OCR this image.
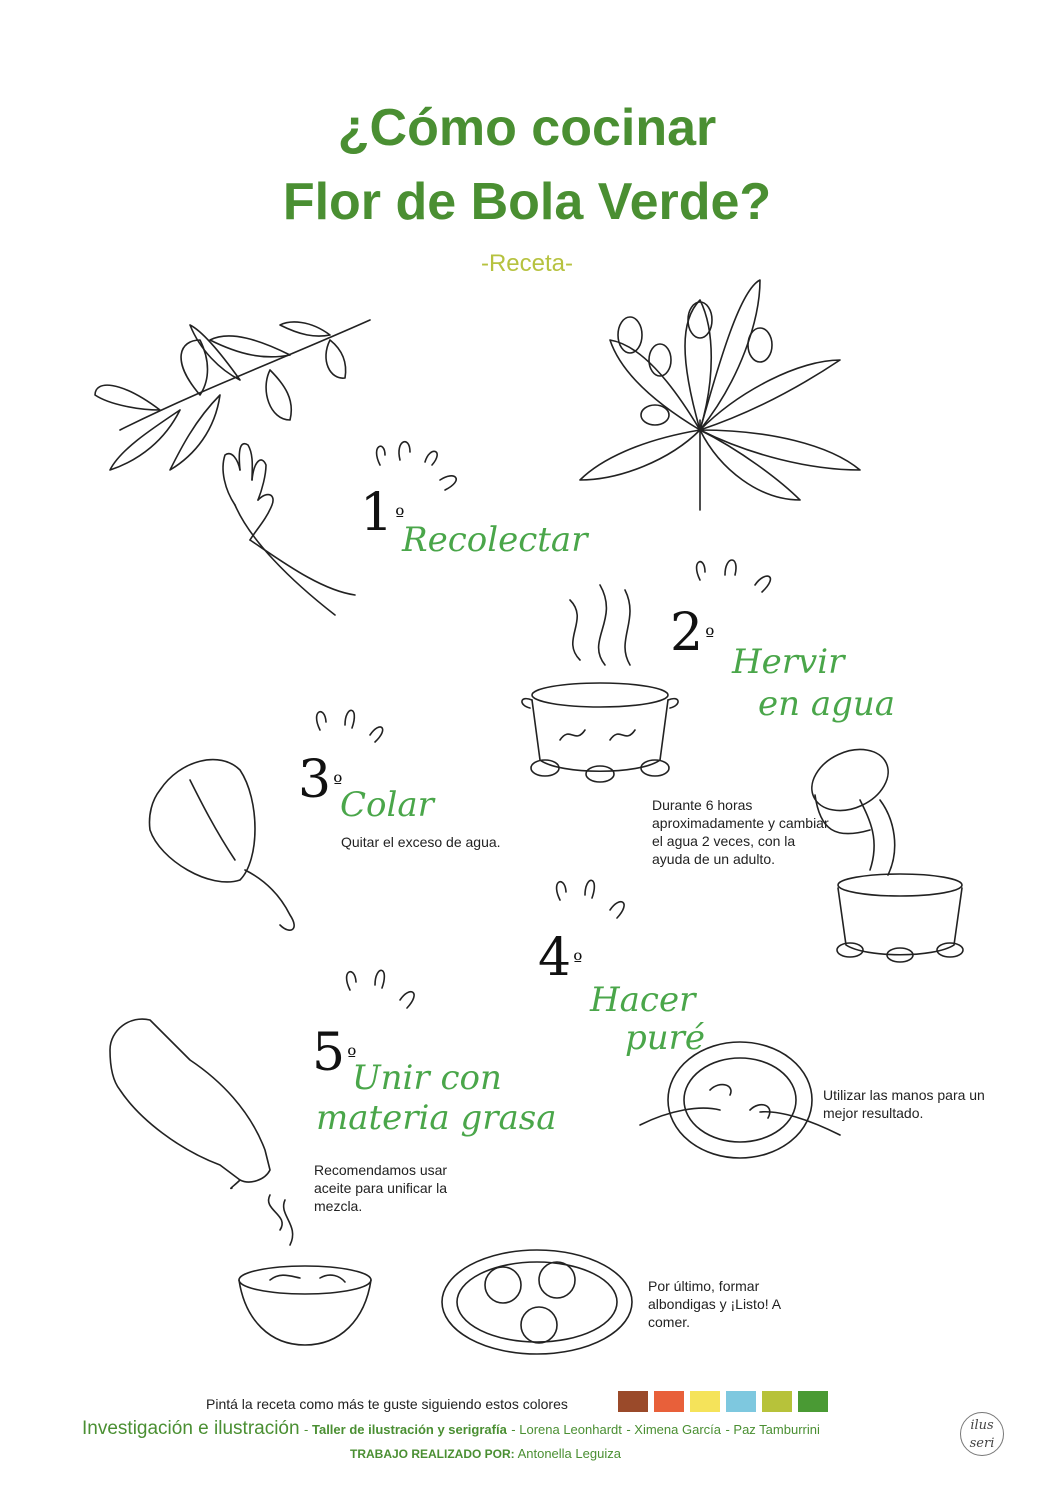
¿Cómo cocinar
Flor de Bola Verde?
-Receta-
1 $^º$
Recolectar
2 $^º$
Hervir
en agua
Durante 6 horas aproximadamente y cambiar el agua 2 veces, con la ayuda de un adulto.
3 $^º$
Colar
Quitar el exceso de agua.
4 $^º$
Hacer
puré
Utilizar las manos para un mejor resultado.
5 $^º$
Unir con
materia grasa
Recomendamos usar aceite para unificar la mezcla.
Por último, formar albondigas y ¡Listo! A comer.
Pintá la receta como más te guste siguiendo estos colores
Investigación e ilustración - Taller de ilustración y serigrafía - Lorena Leonhardt - Ximena García - Paz Tamburrini
TRABAJO REALIZADO POR: Antonella Leguiza
ilus seri
